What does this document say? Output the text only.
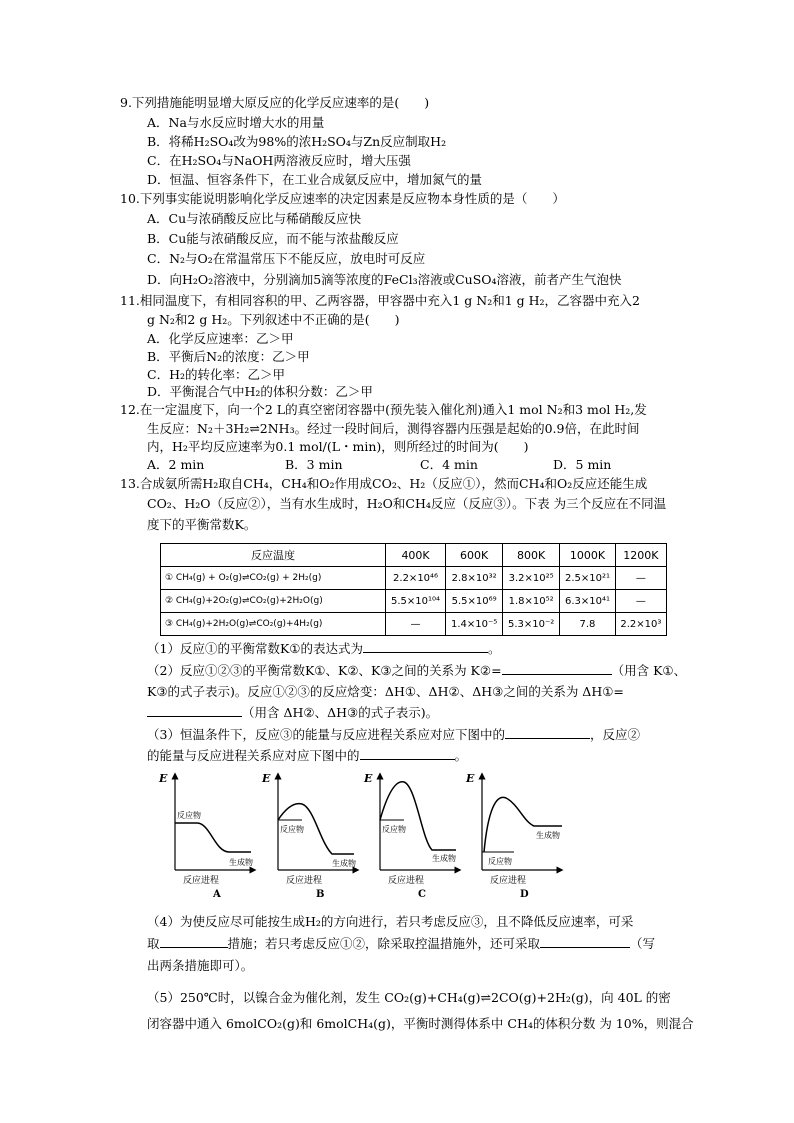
9.下列措施能明显增大原反应的化学反应速率的是(　　)
A．Na与水反应时增大水的用量
B．将稀H₂SO₄改为98%的浓H₂SO₄与Zn反应制取H₂
C．在H₂SO₄与NaOH两溶液反应时，增大压强
D．恒温、恒容条件下，在工业合成氨反应中，增加氮气的量
10.下列事实能说明影响化学反应速率的决定因素是反应物本身性质的是（　　）
A．Cu与浓硝酸反应比与稀硝酸反应快
B．Cu能与浓硝酸反应，而不能与浓盐酸反应
C．N₂与O₂在常温常压下不能反应，放电时可反应
D．向H₂O₂溶液中，分别滴加5滴等浓度的FeCl₃溶液或CuSO₄溶液，前者产生气泡快
11.相同温度下，有相同容积的甲、乙两容器，甲容器中充入1 g N₂和1 g H₂，乙容器中充入2
g N₂和2 g H₂。下列叙述中不正确的是(　　)
A．化学反应速率：乙＞甲
B．平衡后N₂的浓度：乙＞甲
C．H₂的转化率：乙＞甲
D．平衡混合气中H₂的体积分数：乙＞甲
12.在一定温度下，向一个2 L的真空密闭容器中(预先装入催化剂)通入1 mol N₂和3 mol H₂,发
生反应：N₂＋3H₂⇌2NH₃。经过一段时间后，测得容器内压强是起始的0.9倍，在此时间
内，H₂平均反应速率为0.1 mol/(L・min)，则所经过的时间为(　　)
A．2 min	B．3 min	C．4 min	D．5 min
13.合成氨所需H₂取自CH₄，CH₄和O₂作用成CO₂、H₂（反应①），然而CH₄和O₂反应还能生成
CO₂、H₂O（反应②），当有水生成时，H₂O和CH₄反应（反应③）。下表 为三个反应在不同温
度下的平衡常数K。
反应温度	400K	600K	800K	1000K	1200K
① CH₄(g) + O₂(g)⇌CO₂(g) + 2H₂(g)	2.2×10⁴⁶	2.8×10³²	3.2×10²⁵	2.5×10²¹	—
② CH₄(g)+2O₂(g)⇌CO₂(g)+2H₂O(g)	5.5×10¹⁰⁴	5.5×10⁶⁹	1.8×10⁵²	6.3×10⁴¹	—
③ CH₄(g)+2H₂O(g)⇌CO₂(g)+4H₂(g)	—	1.4×10⁻⁵	5.3×10⁻²	7.8	2.2×10³
（1）反应①的平衡常数K①的表达式为	。
（2）反应①②③的平衡常数K①、K②、K③之间的关系为 K②=	（用含 K①、
K③的式子表示)。反应①②③的反应焓变：ΔH①、ΔH②、ΔH③之间的关系为 ΔH①=
（用含 ΔH②、ΔH③的式子表示)。
（3）恒温条件下，反应③的能量与反应进程关系应对应下图中的	，反应②
的能量与反应进程关系应对应下图中的	。
E
反应物
生成物
反应进程
A
E
反应物
生成物
反应进程
B
E
反应物
生成物
反应进程
C
E
反应物
生成物
反应进程
D
（4）为使反应尽可能按生成H₂的方向进行，若只考虑反应③，且不降低反应速率，可采
取	措施；若只考虑反应①②，除采取控温措施外，还可采取	（写
出两条措施即可）。
（5）250℃时，以镍合金为催化剂，发生 CO₂(g)+CH₄(g)⇌2CO(g)+2H₂(g)，向 40L 的密
闭容器中通入 6molCO₂(g)和 6molCH₄(g)，平衡时测得体系中 CH₄的体积分数 为 10%，则混合
